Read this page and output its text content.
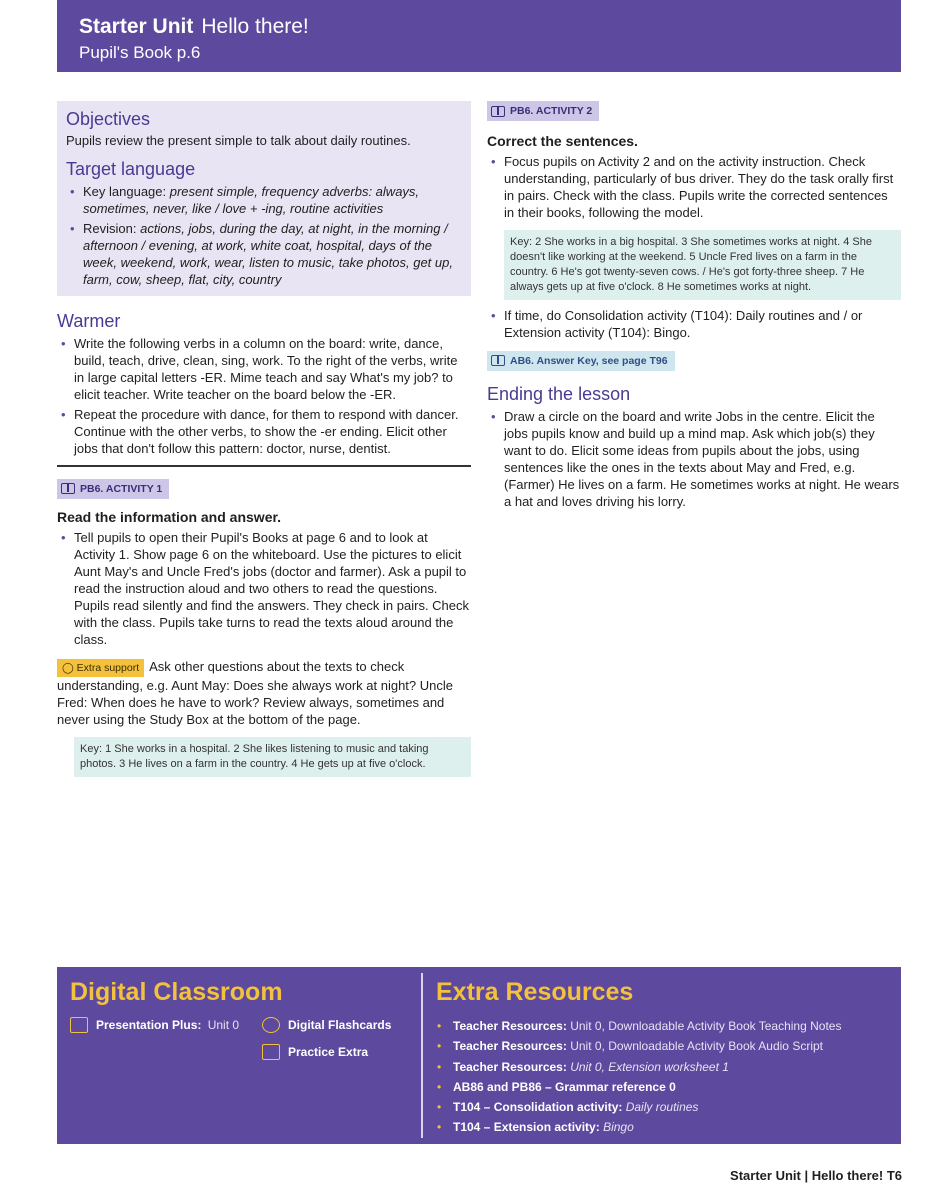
Starter Unit Hello there!
Pupil's Book p.6
Objectives
Pupils review the present simple to talk about daily routines.
Target language
• Key language: present simple, frequency adverbs: always, sometimes, never, like / love + -ing, routine activities
• Revision: actions, jobs, during the day, at night, in the morning / afternoon / evening, at work, white coat, hospital, days of the week, weekend, work, wear, listen to music, take photos, get up, farm, cow, sheep, flat, city, country
Warmer
• Write the following verbs in a column on the board: write, dance, build, teach, drive, clean, sing, work. To the right of the verbs, write in large capital letters -ER. Mime teach and say What's my job? to elicit teacher. Write teacher on the board below the -ER.
• Repeat the procedure with dance, for them to respond with dancer. Continue with the other verbs, to show the -er ending. Elicit other jobs that don't follow this pattern: doctor, nurse, dentist.
PB6. ACTIVITY 1
Read the information and answer.
• Tell pupils to open their Pupil's Books at page 6 and to look at Activity 1. Show page 6 on the whiteboard. Use the pictures to elicit Aunt May's and Uncle Fred's jobs (doctor and farmer). Ask a pupil to read the instruction aloud and two others to read the questions. Pupils read silently and find the answers. They check in pairs. Check with the class. Pupils take turns to read the texts aloud around the class.
◯ Extra support Ask other questions about the texts to check understanding, e.g. Aunt May: Does she always work at night? Uncle Fred: When does he have to work? Review always, sometimes and never using the Study Box at the bottom of the page.
Key: 1 She works in a hospital. 2 She likes listening to music and taking photos. 3 He lives on a farm in the country. 4 He gets up at five o'clock.
PB6. ACTIVITY 2
Correct the sentences.
• Focus pupils on Activity 2 and on the activity instruction. Check understanding, particularly of bus driver. They do the task orally first in pairs. Check with the class. Pupils write the corrected sentences in their books, following the model.
Key: 2 She works in a big hospital. 3 She sometimes works at night. 4 She doesn't like working at the weekend. 5 Uncle Fred lives on a farm in the country. 6 He's got twenty-seven cows. / He's got forty-three sheep. 7 He always gets up at five o'clock. 8 He sometimes works at night.
• If time, do Consolidation activity (T104): Daily routines and / or Extension activity (T104): Bingo.
AB6. Answer Key, see page T96
Ending the lesson
• Draw a circle on the board and write Jobs in the centre. Elicit the jobs pupils know and build up a mind map. Ask which job(s) they want to do. Elicit some ideas from pupils about the jobs, using sentences like the ones in the texts about May and Fred, e.g. (Farmer) He lives on a farm. He sometimes works at night. He wears a hat and loves driving his lorry.
Digital Classroom
Presentation Plus:
Unit 0	Digital Flashcards
Practice Extra
Extra Resources
• Teacher Resources: Unit 0, Downloadable Activity Book Teaching Notes
• Teacher Resources: Unit 0, Downloadable Activity Book Audio Script
• Teacher Resources: Unit 0, Extension worksheet 1
• AB86 and PB86 – Grammar reference 0
• T104 – Consolidation activity: Daily routines
• T104 – Extension activity: Bingo
Starter Unit | Hello there! T6
